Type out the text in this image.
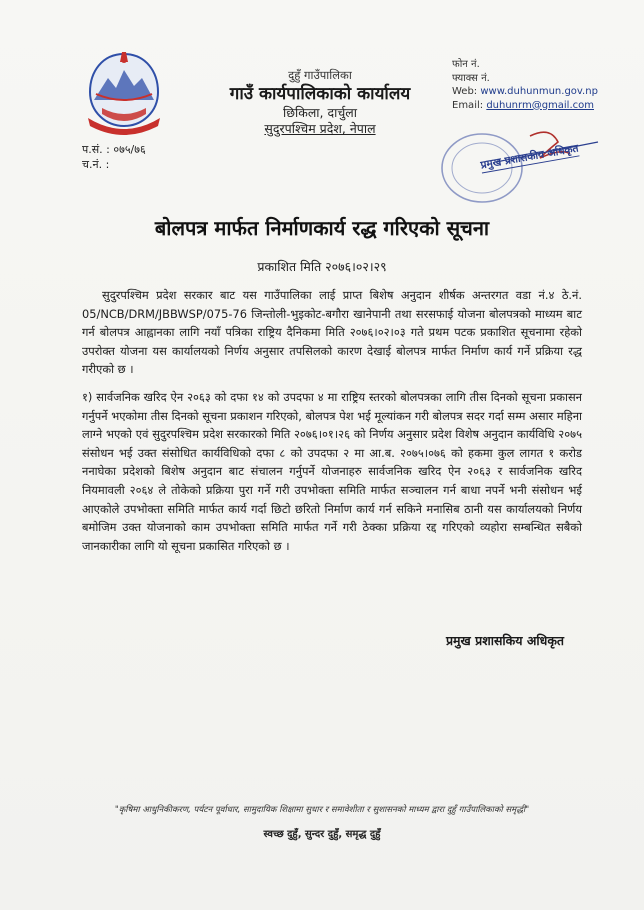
दुहुँ गाउँपालिका
गाउँ कार्यपालिकाको कार्यालय
छिकिला, दार्चुला
सुदुरपश्चिम प्रदेश, नेपाल
फोन नं.
फ्याक्स नं.
Web: www.duhunmun.gov.np
Email: duhunrm@gmail.com
प.सं. : ०७५/७६
च.नं. :	प्रमुख प्रशासकीय अधिकृत
बोलपत्र मार्फत निर्माणकार्य रद्ध गरिएको सूचना
प्रकाशित मिति २०७६।०२।२९

सुदुरपश्चिम प्रदेश सरकार बाट यस गाउँपालिका लाई प्राप्त बिशेष अनुदान शीर्षक अन्तरगत वडा नं.४ ठे.नं. 05/NCB/DRM/JBBWSP/075-76 जिन्तोली-भुइकोट-बगौरा खानेपानी तथा सरसफाई योजना बोलपत्रको माध्यम बाट गर्न बोलपत्र आह्वानका लागि नयाँ पत्रिका राष्ट्रिय दैनिकमा मिति २०७६।०२।०३ गते प्रथम पटक प्रकाशित सूचनामा रहेको उपरोक्त योजना यस कार्यालयको निर्णय अनुसार तपसिलको कारण देखाई बोलपत्र मार्फत निर्माण कार्य गर्ने प्रक्रिया रद्ध गरीएको छ ।

१) सार्वजनिक खरिद ऐन २०६३ को दफा १४ को उपदफा ४ मा राष्ट्रिय स्तरको बोलपत्रका लागि तीस दिनको सूचना प्रकासन गर्नुपर्ने भएकोमा तीस दिनको सूचना प्रकाशन गरिएको, बोलपत्र पेश भई मूल्यांकन गरी बोलपत्र सदर गर्दा सम्म असार महिना लाग्ने भएको एवं सुदुरपश्चिम प्रदेश सरकारको मिति २०७६।०१।२६ को निर्णय अनुसार प्रदेश विशेष अनुदान कार्यविधि २०७५ संसोधन भई उक्त संसोधित कार्यविधिको दफा ८ को उपदफा २ मा आ.ब. २०७५।०७६ को हकमा कुल लागत १ करोड ननाघेका प्रदेशको बिशेष अनुदान बाट संचालन गर्नुपर्ने योजनाहरु सार्वजनिक खरिद ऐन २०६३ र सार्वजनिक खरिद नियमावली २०६४ ले तोकेको प्रक्रिया पुरा गर्ने गरी उपभोक्ता समिति मार्फत सञ्चालन गर्न बाधा नपर्ने भनी संसोधन भई आएकोले उपभोक्ता समिति मार्फत कार्य गर्दा छिटो छरितो निर्माण कार्य गर्न सकिने मनासिब ठानी यस कार्यालयको निर्णय बमोजिम उक्त योजनाको काम उपभोक्ता समिति मार्फत गर्ने गरी ठेक्का प्रक्रिया रद्द गरिएको व्यहोरा सम्बन्धित सबैको जानकारीका लागि यो सूचना प्रकासित गरिएको छ ।

प्रमुख प्रशासकिय अधिकृत
"कृषिमा आधुनिकीकरण, पर्यटन पूर्वाधार, सामुदायिक शिक्षामा सुधार र समावेशीता र सुशासनको माध्यम द्वारा दुहुँ गाउँपालिकाको समृद्धी"
स्वच्छ दुहुँ, सुन्दर दुहुँ, समृद्ध दुहुँ
